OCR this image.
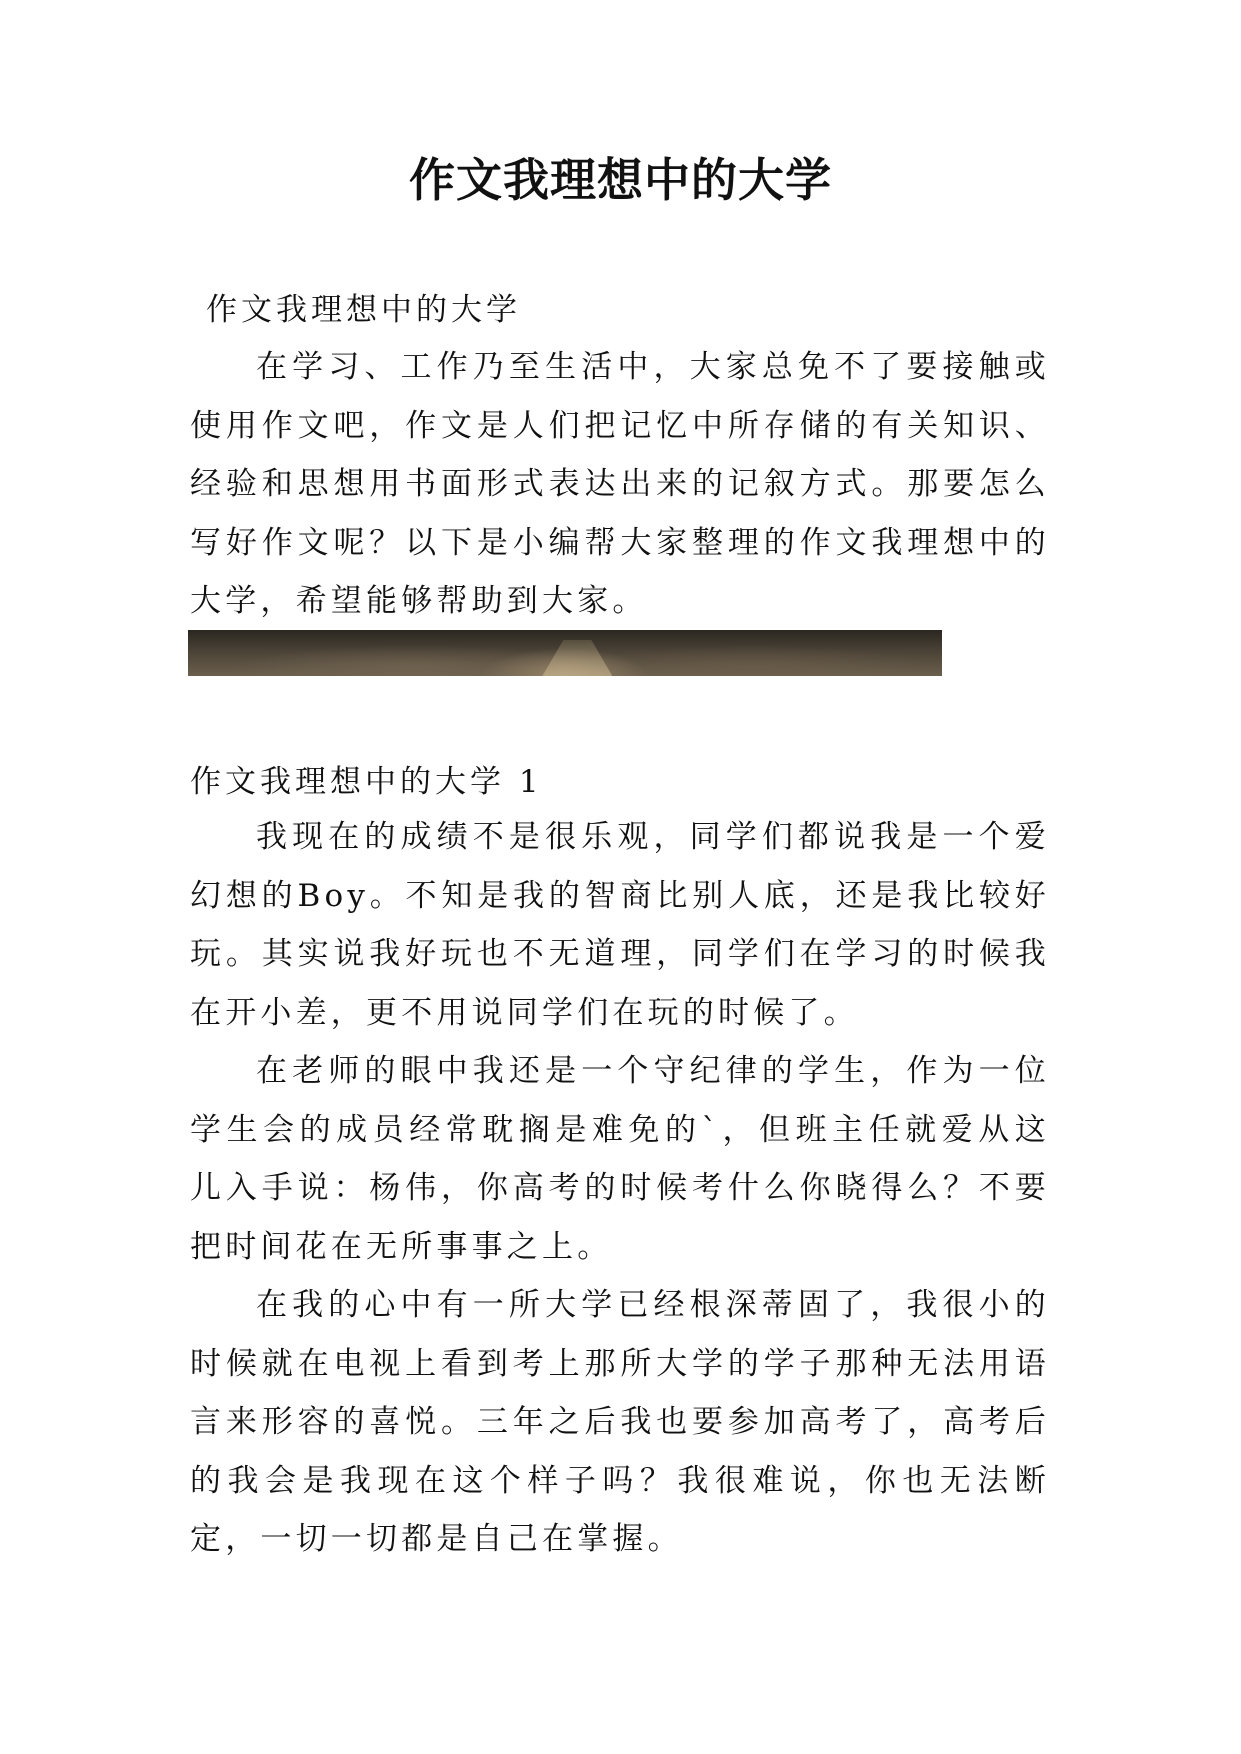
作文我理想中的大学

作文我理想中的大学

在学习、工作乃至生活中，大家总免不了要接触或使用作文吧，作文是人们把记忆中所存储的有关知识、经验和思想用书面形式表达出来的记叙方式。那要怎么写好作文呢？以下是小编帮大家整理的作文我理想中的大学，希望能够帮助到大家。

作文我理想中的大学 1

我现在的成绩不是很乐观，同学们都说我是一个爱幻想的Boy。不知是我的智商比别人底，还是我比较好玩。其实说我好玩也不无道理，同学们在学习的时候我在开小差，更不用说同学们在玩的时候了。

在老师的眼中我还是一个守纪律的学生，作为一位学生会的成员经常耽搁是难免的`，但班主任就爱从这儿入手说：杨伟，你高考的时候考什么你晓得么？不要把时间花在无所事事之上。

在我的心中有一所大学已经根深蒂固了，我很小的时候就在电视上看到考上那所大学的学子那种无法用语言来形容的喜悦。三年之后我也要参加高考了，高考后的我会是我现在这个样子吗？我很难说，你也无法断定，一切一切都是自己在掌握。
